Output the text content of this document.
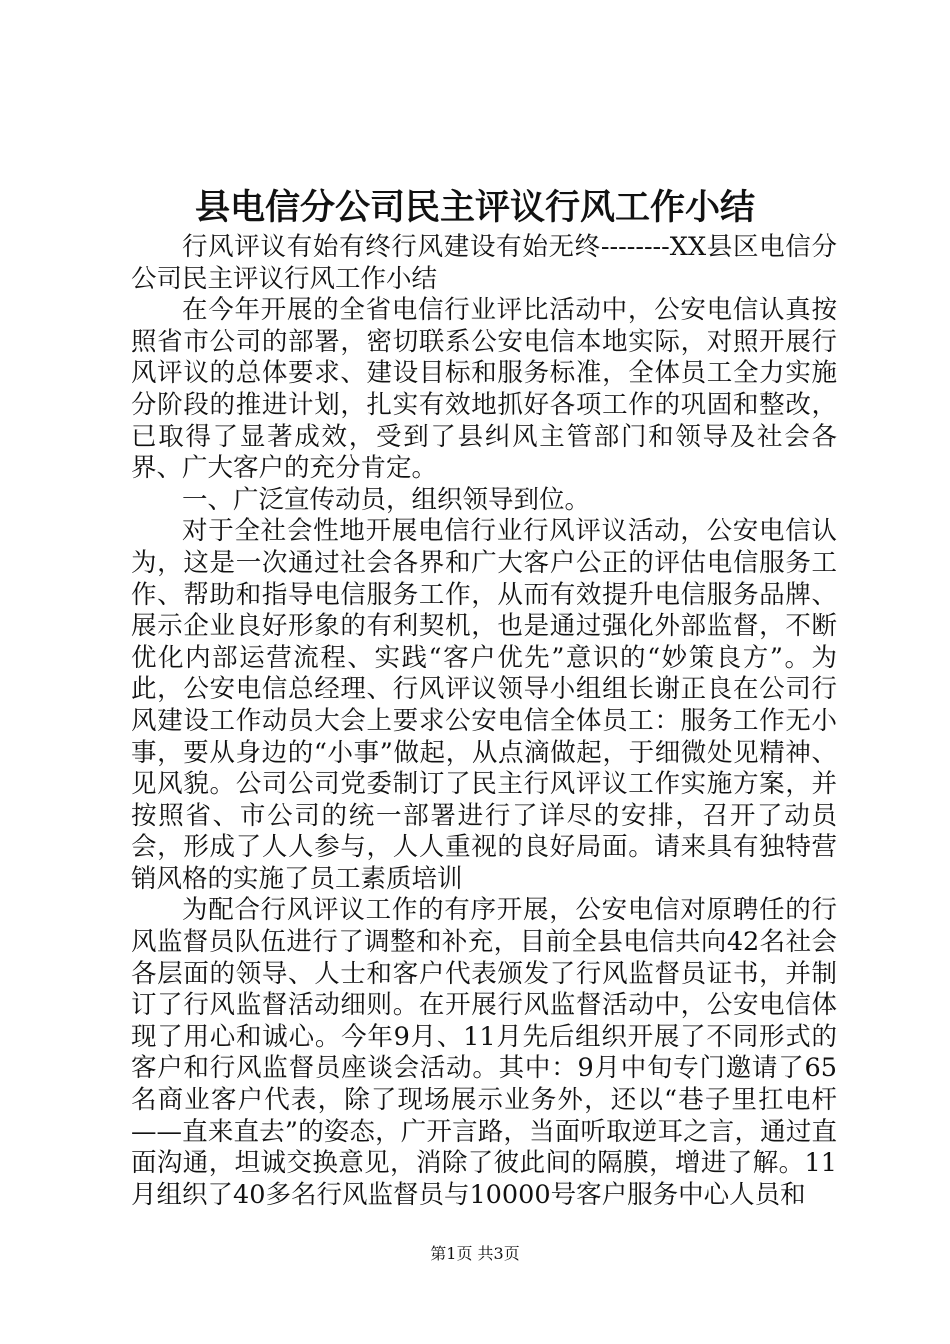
县电信分公司民主评议行风工作小结

行风评议有始有终行风建设有始无终--------XX县区电信分公司民主评议行风工作小结

在今年开展的全省电信行业评比活动中，公安电信认真按照省市公司的部署，密切联系公安电信本地实际，对照开展行风评议的总体要求、建设目标和服务标准，全体员工全力实施分阶段的推进计划，扎实有效地抓好各项工作的巩固和整改，已取得了显著成效，受到了县纠风主管部门和领导及社会各界、广大客户的充分肯定。

一、广泛宣传动员，组织领导到位。

对于全社会性地开展电信行业行风评议活动，公安电信认为，这是一次通过社会各界和广大客户公正的评估电信服务工作、帮助和指导电信服务工作，从而有效提升电信服务品牌、展示企业良好形象的有利契机，也是通过强化外部监督，不断优化内部运营流程、实践“客户优先”意识的“妙策良方”。为此，公安电信总经理、行风评议领导小组组长谢正良在公司行风建设工作动员大会上要求公安电信全体员工：服务工作无小事，要从身边的“小事”做起，从点滴做起，于细微处见精神、见风貌。公司公司党委制订了民主行风评议工作实施方案，并按照省、市公司的统一部署进行了详尽的安排，召开了动员会，形成了人人参与，人人重视的良好局面。请来具有独特营销风格的实施了员工素质培训

为配合行风评议工作的有序开展，公安电信对原聘任的行风监督员队伍进行了调整和补充，目前全县电信共向42名社会各层面的领导、人士和客户代表颁发了行风监督员证书，并制订了行风监督活动细则。在开展行风监督活动中，公安电信体现了用心和诚心。今年9月、11月先后组织开展了不同形式的客户和行风监督员座谈会活动。其中：9月中旬专门邀请了65名商业客户代表，除了现场展示业务外，还以“巷子里扛电杆——直来直去”的姿态，广开言路，当面听取逆耳之言，通过直面沟通，坦诚交换意见，消除了彼此间的隔膜，增进了解。11月组织了40多名行风监督员与10000号客户服务中心人员和

第1页 共3页
